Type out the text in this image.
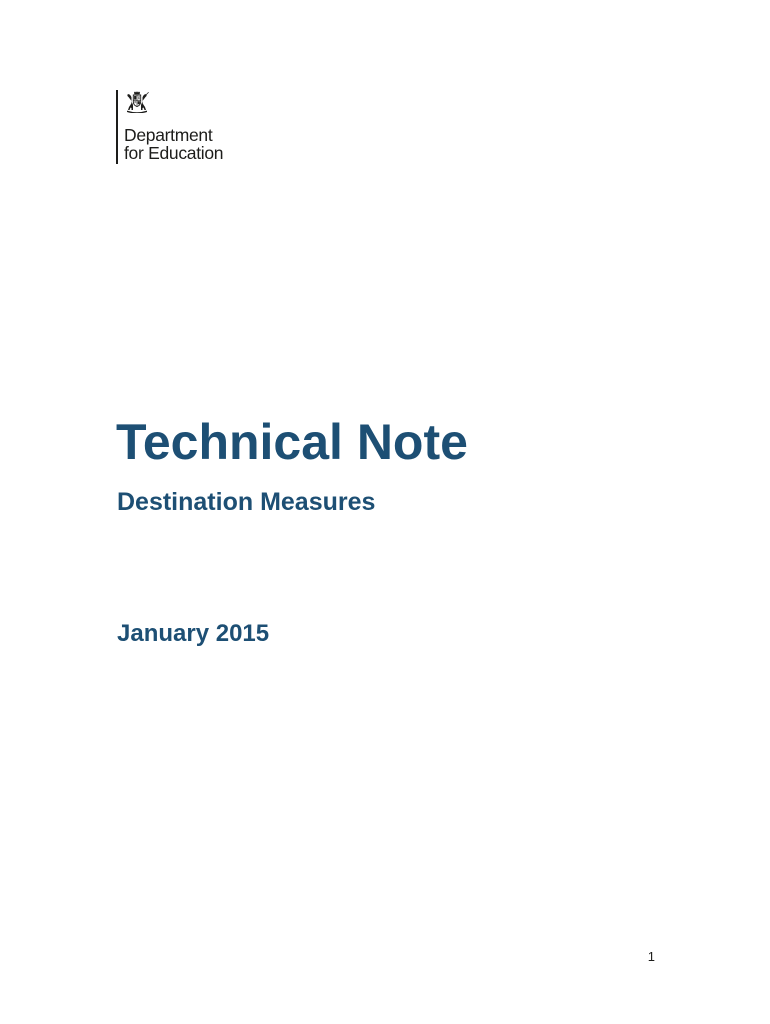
Department
for Education
Technical Note
Destination Measures
January 2015
1
